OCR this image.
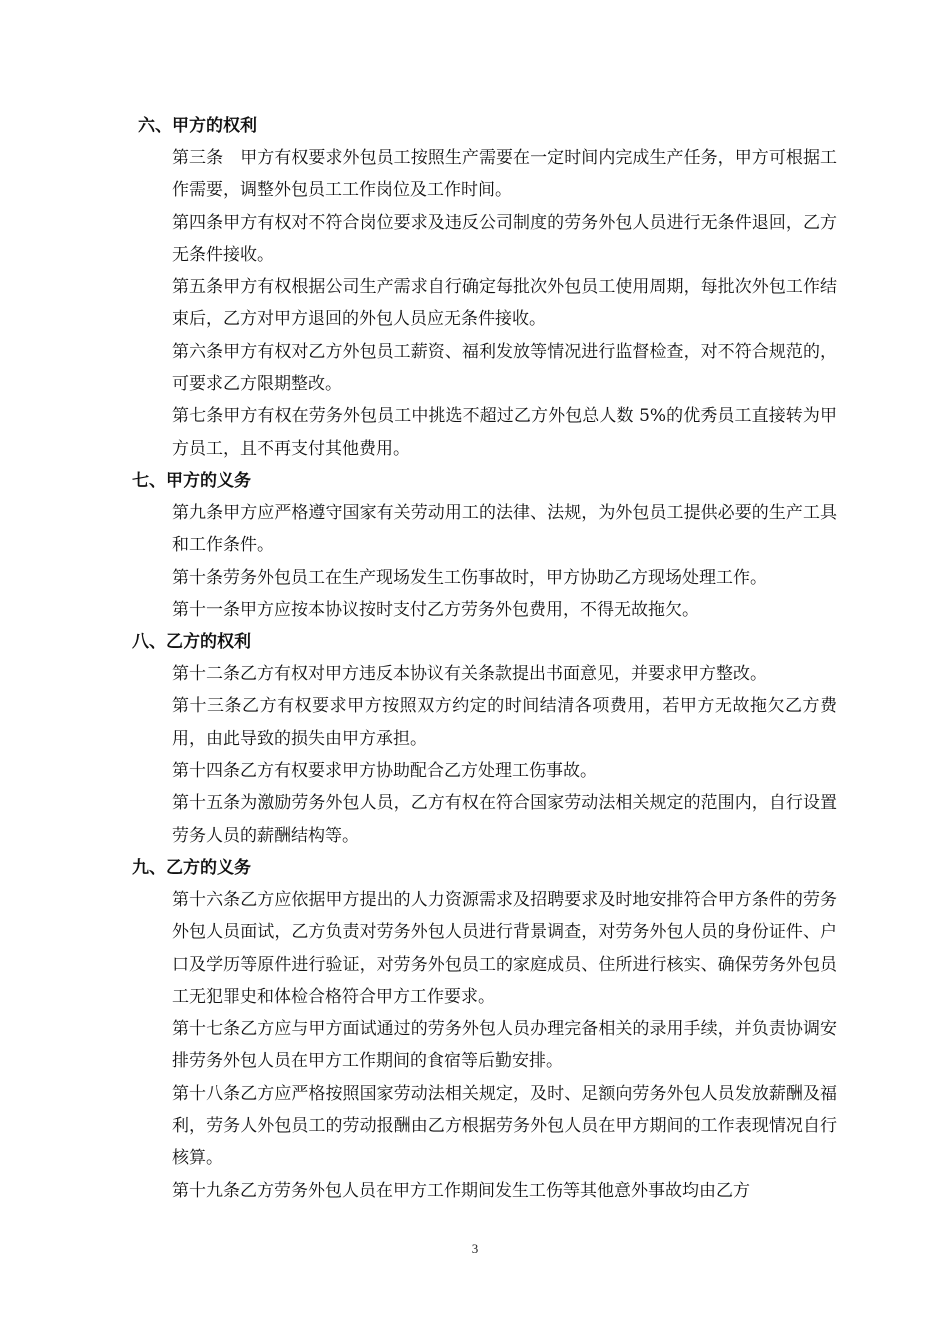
六、甲方的权利

第三条　甲方有权要求外包员工按照生产需要在一定时间内完成生产任务，甲方可根据工作需要，调整外包员工工作岗位及工作时间。

第四条甲方有权对不符合岗位要求及违反公司制度的劳务外包人员进行无条件退回，乙方无条件接收。

第五条甲方有权根据公司生产需求自行确定每批次外包员工使用周期，每批次外包工作结束后，乙方对甲方退回的外包人员应无条件接收。

第六条甲方有权对乙方外包员工薪资、福利发放等情况进行监督检查，对不符合规范的，可要求乙方限期整改。

第七条甲方有权在劳务外包员工中挑选不超过乙方外包总人数 5%的优秀员工直接转为甲方员工，且不再支付其他费用。

七、甲方的义务

第九条甲方应严格遵守国家有关劳动用工的法律、法规，为外包员工提供必要的生产工具和工作条件。

第十条劳务外包员工在生产现场发生工伤事故时，甲方协助乙方现场处理工作。

第十一条甲方应按本协议按时支付乙方劳务外包费用，不得无故拖欠。

八、乙方的权利

第十二条乙方有权对甲方违反本协议有关条款提出书面意见，并要求甲方整改。

第十三条乙方有权要求甲方按照双方约定的时间结清各项费用，若甲方无故拖欠乙方费用，由此导致的损失由甲方承担。

第十四条乙方有权要求甲方协助配合乙方处理工伤事故。

第十五条为激励劳务外包人员，乙方有权在符合国家劳动法相关规定的范围内，自行设置劳务人员的薪酬结构等。

九、乙方的义务

第十六条乙方应依据甲方提出的人力资源需求及招聘要求及时地安排符合甲方条件的劳务外包人员面试，乙方负责对劳务外包人员进行背景调查，对劳务外包人员的身份证件、户口及学历等原件进行验证，对劳务外包员工的家庭成员、住所进行核实、确保劳务外包员工无犯罪史和体检合格符合甲方工作要求。

第十七条乙方应与甲方面试通过的劳务外包人员办理完备相关的录用手续，并负责协调安排劳务外包人员在甲方工作期间的食宿等后勤安排。

第十八条乙方应严格按照国家劳动法相关规定，及时、足额向劳务外包人员发放薪酬及福利，劳务人外包员工的劳动报酬由乙方根据劳务外包人员在甲方期间的工作表现情况自行核算。

第十九条乙方劳务外包人员在甲方工作期间发生工伤等其他意外事故均由乙方

3
